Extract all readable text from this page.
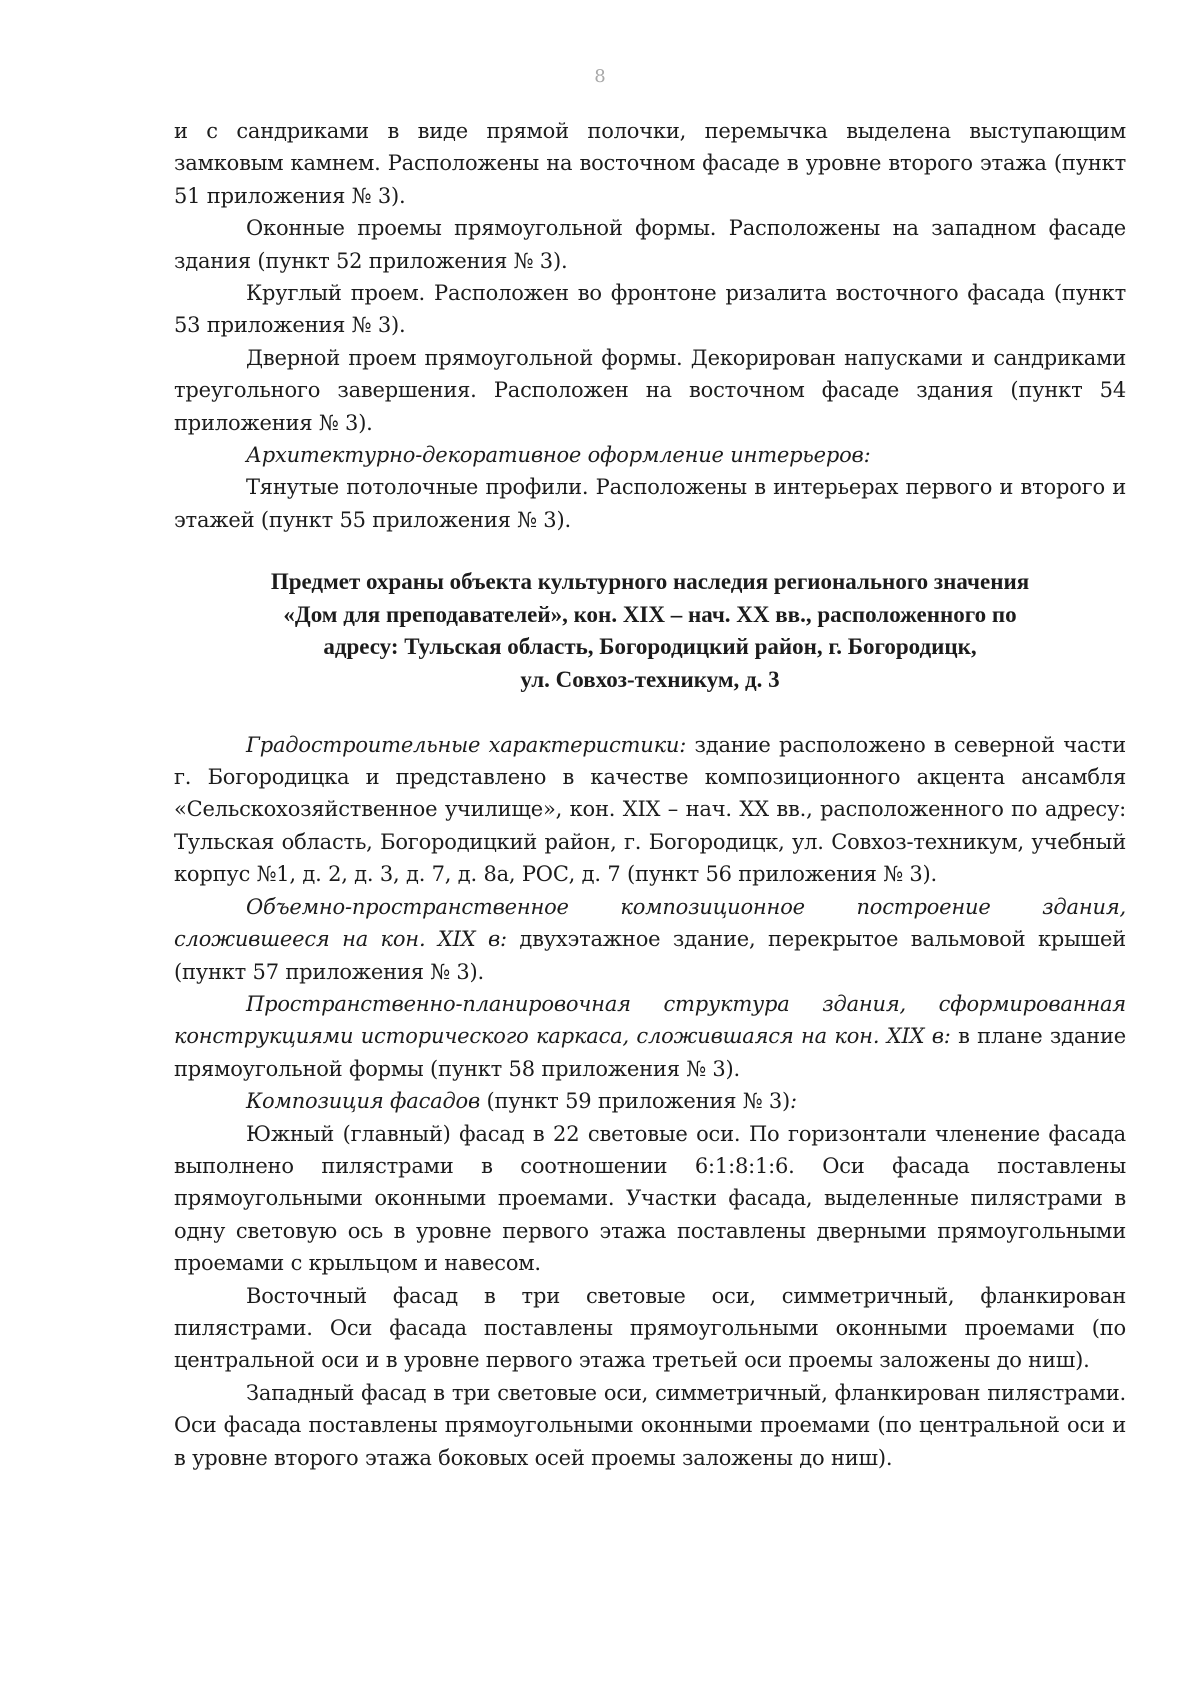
8

и с сандриками в виде прямой полочки, перемычка выделена выступающим замковым камнем. Расположены на восточном фасаде в уровне второго этажа (пункт 51 приложения № 3).

Оконные проемы прямоугольной формы. Расположены на западном фасаде здания (пункт 52 приложения № 3).

Круглый проем. Расположен во фронтоне ризалита восточного фасада (пункт 53 приложения № 3).

Дверной проем прямоугольной формы. Декорирован напусками и сандриками треугольного завершения. Расположен на восточном фасаде здания (пункт 54 приложения № 3).

Архитектурно-декоративное оформление интерьеров:

Тянутые потолочные профили. Расположены в интерьерах первого и второго и этажей (пункт 55 приложения № 3).

Предмет охраны объекта культурного наследия регионального значения
«Дом для преподавателей», кон. XIX – нач. XX вв., расположенного по
адресу: Тульская область, Богородицкий район, г. Богородицк,
ул. Совхоз-техникум, д. 3

Градостроительные характеристики: здание расположено в северной части г. Богородицка и представлено в качестве композиционного акцента ансамбля «Сельскохозяйственное училище», кон. XIX – нач. XX вв., расположенного по адресу: Тульская область, Богородицкий район, г. Богородицк, ул. Совхоз-техникум, учебный корпус №1, д. 2, д. 3, д. 7, д. 8а, РОС, д. 7 (пункт 56 приложения № 3).

Объемно-пространственное композиционное построение здания, сложившееся на кон. XIX в: двухэтажное здание, перекрытое вальмовой крышей (пункт 57 приложения № 3).

Пространственно-планировочная структура здания, сформированная конструкциями исторического каркаса, сложившаяся на кон. XIX в: в плане здание прямоугольной формы (пункт 58 приложения № 3).

Композиция фасадов (пункт 59 приложения № 3):

Южный (главный) фасад в 22 световые оси. По горизонтали членение фасада выполнено пилястрами в соотношении 6:1:8:1:6. Оси фасада поставлены прямоугольными оконными проемами. Участки фасада, выделенные пилястрами в одну световую ось в уровне первого этажа поставлены дверными прямоугольными проемами с крыльцом и навесом.

Восточный фасад в три световые оси, симметричный, фланкирован пилястрами. Оси фасада поставлены прямоугольными оконными проемами (по центральной оси и в уровне первого этажа третьей оси проемы заложены до ниш).

Западный фасад в три световые оси, симметричный, фланкирован пилястрами. Оси фасада поставлены прямоугольными оконными проемами (по центральной оси и в уровне второго этажа боковых осей проемы заложены до ниш).
